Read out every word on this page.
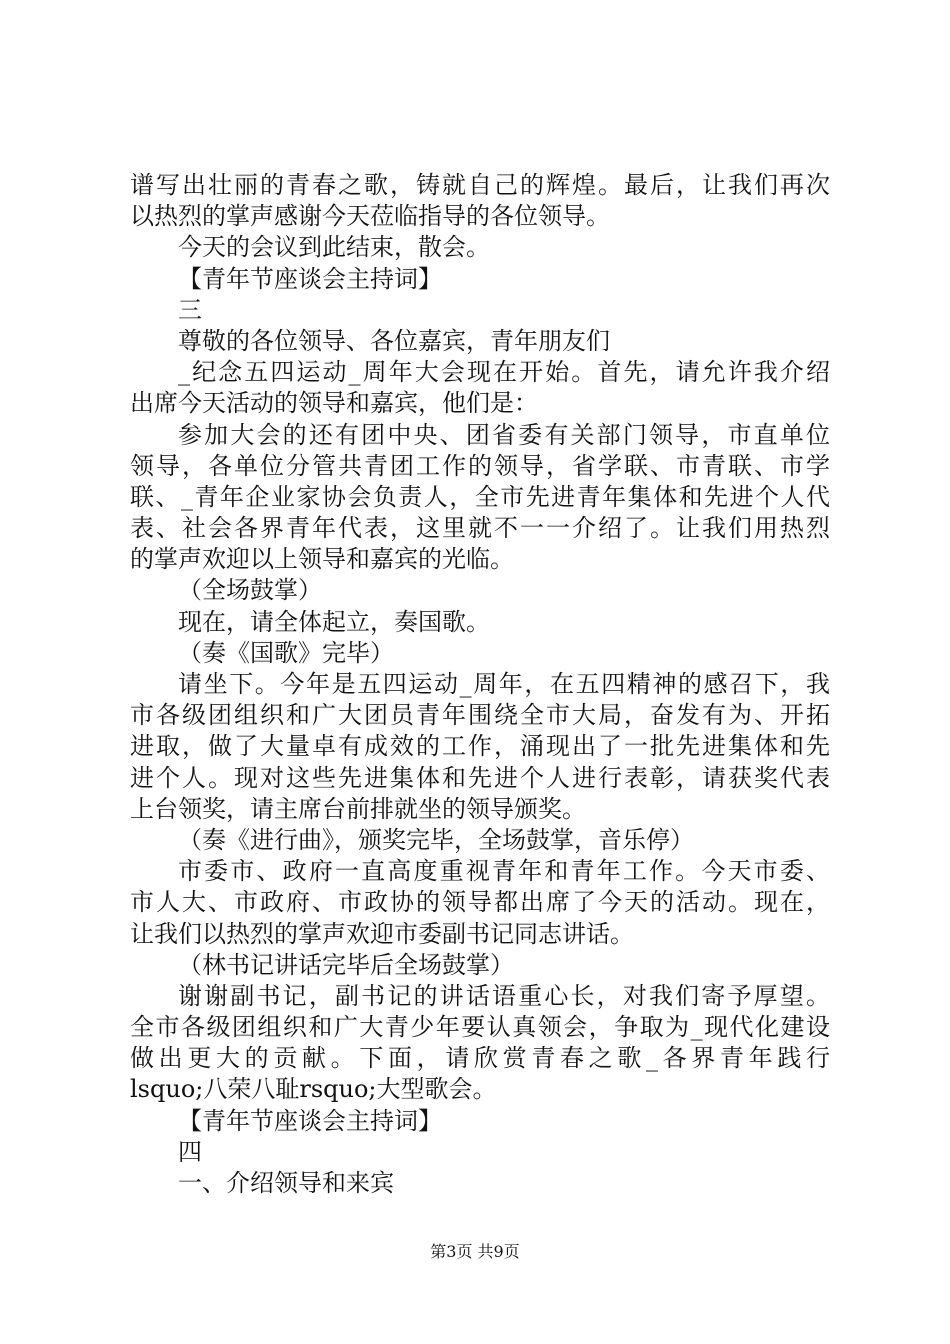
谱写出壮丽的青春之歌，铸就自己的辉煌。最后，让我们再次
以热烈的掌声感谢今天莅临指导的各位领导。
今天的会议到此结束，散会。
【青年节座谈会主持词】
三
尊敬的各位领导、各位嘉宾，青年朋友们
_纪念五四运动_周年大会现在开始。首先，请允许我介绍
出席今天活动的领导和嘉宾，他们是：
参加大会的还有团中央、团省委有关部门领导，市直单位
领导，各单位分管共青团工作的领导，省学联、市青联、市学
联、_青年企业家协会负责人，全市先进青年集体和先进个人代
表、社会各界青年代表，这里就不一一介绍了。让我们用热烈
的掌声欢迎以上领导和嘉宾的光临。
（全场鼓掌）
现在，请全体起立，奏国歌。
（奏《国歌》完毕）
请坐下。今年是五四运动_周年，在五四精神的感召下，我
市各级团组织和广大团员青年围绕全市大局，奋发有为、开拓
进取，做了大量卓有成效的工作，涌现出了一批先进集体和先
进个人。现对这些先进集体和先进个人进行表彰，请获奖代表
上台领奖，请主席台前排就坐的领导颁奖。
（奏《进行曲》，颁奖完毕，全场鼓掌，音乐停）
市委市、政府一直高度重视青年和青年工作。今天市委、
市人大、市政府、市政协的领导都出席了今天的活动。现在，
让我们以热烈的掌声欢迎市委副书记同志讲话。
（林书记讲话完毕后全场鼓掌）
谢谢副书记，副书记的讲话语重心长，对我们寄予厚望。
全市各级团组织和广大青少年要认真领会，争取为_现代化建设
做出更大的贡献。下面，请欣赏青春之歌_各界青年践行
lsquo;八荣八耻rsquo;大型歌会。
【青年节座谈会主持词】
四
一、介绍领导和来宾
第3页 共9页
